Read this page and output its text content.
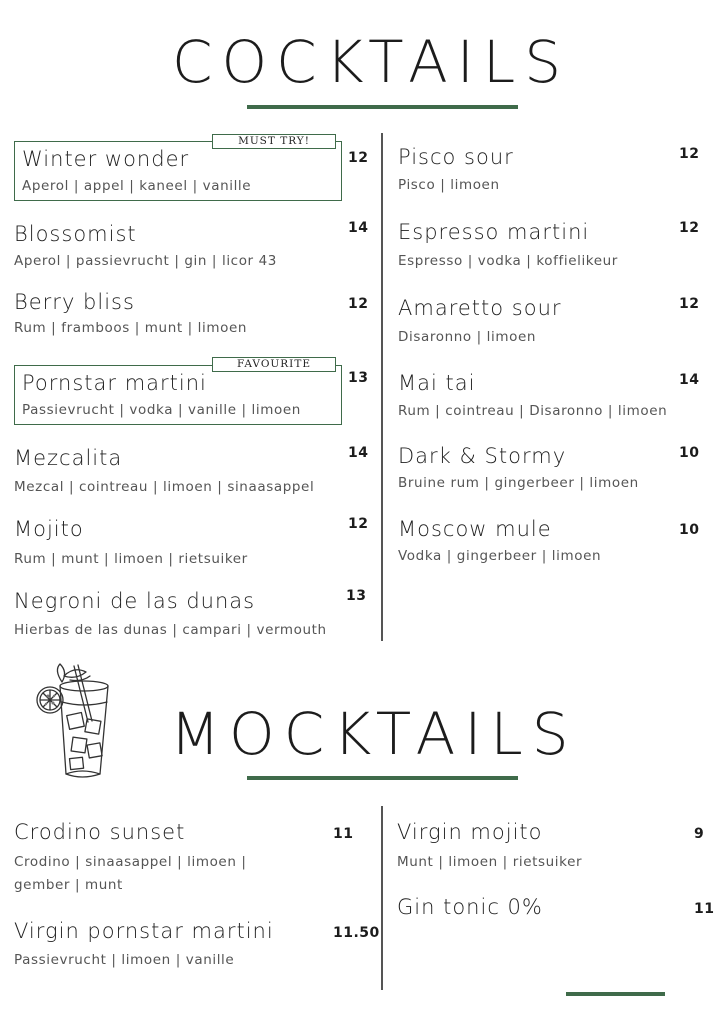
COCKTAILS
MUST TRY!
Winter wonder
Aperol | appel | kaneel | vanille
12
Blossomist
Aperol | passievrucht | gin | licor 43
14
Berry bliss
Rum | framboos | munt | limoen
12
FAVOURITE
Pornstar martini
Passievrucht | vodka | vanille | limoen
13
Mezcalita
Mezcal | cointreau | limoen | sinaasappel
14
Mojito
Rum | munt | limoen | rietsuiker
12
Negroni de las dunas
Hierbas de las dunas | campari | vermouth
13
Pisco sour
Pisco | limoen
12
Espresso martini
Espresso | vodka | koffielikeur
12
Amaretto sour
Disaronno | limoen
12
Mai tai
Rum | cointreau | Disaronno | limoen
14
Dark & Stormy
Bruine rum | gingerbeer | limoen
10
Moscow mule
Vodka | gingerbeer | limoen
10
MOCKTAILS
Crodino sunset
Crodino | sinaasappel | limoen | gember | munt
11
Virgin pornstar martini
Passievrucht | limoen | vanille
11.50
Virgin mojito
Munt | limoen | rietsuiker
9
Gin tonic 0%	11
